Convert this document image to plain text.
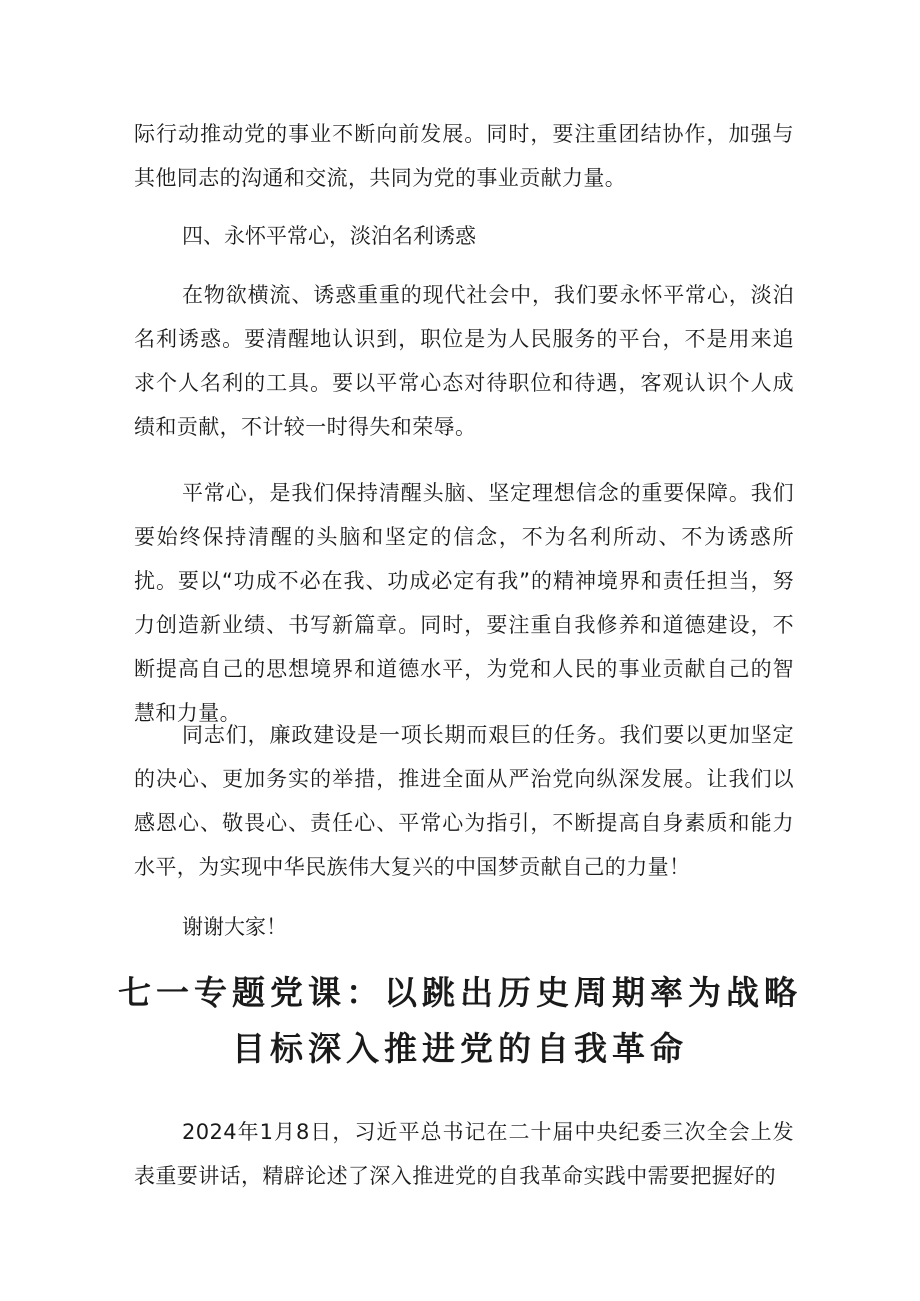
际行动推动党的事业不断向前发展。同时，要注重团结协作，加强与其他同志的沟通和交流，共同为党的事业贡献力量。

四、永怀平常心，淡泊名利诱惑

在物欲横流、诱惑重重的现代社会中，我们要永怀平常心，淡泊名利诱惑。要清醒地认识到，职位是为人民服务的平台，不是用来追求个人名利的工具。要以平常心态对待职位和待遇，客观认识个人成绩和贡献，不计较一时得失和荣辱。

平常心，是我们保持清醒头脑、坚定理想信念的重要保障。我们要始终保持清醒的头脑和坚定的信念，不为名利所动、不为诱惑所扰。要以“功成不必在我、功成必定有我”的精神境界和责任担当，努力创造新业绩、书写新篇章。同时，要注重自我修养和道德建设，不断提高自己的思想境界和道德水平，为党和人民的事业贡献自己的智慧和力量。

同志们，廉政建设是一项长期而艰巨的任务。我们要以更加坚定的决心、更加务实的举措，推进全面从严治党向纵深发展。让我们以感恩心、敬畏心、责任心、平常心为指引，不断提高自身素质和能力水平，为实现中华民族伟大复兴的中国梦贡献自己的力量！

谢谢大家！

七一专题党课：以跳出历史周期率为战略
目标深入推进党的自我革命

2024年1月8日，习近平总书记在二十届中央纪委三次全会上发表重要讲话，精辟论述了深入推进党的自我革命实践中需要把握好的
